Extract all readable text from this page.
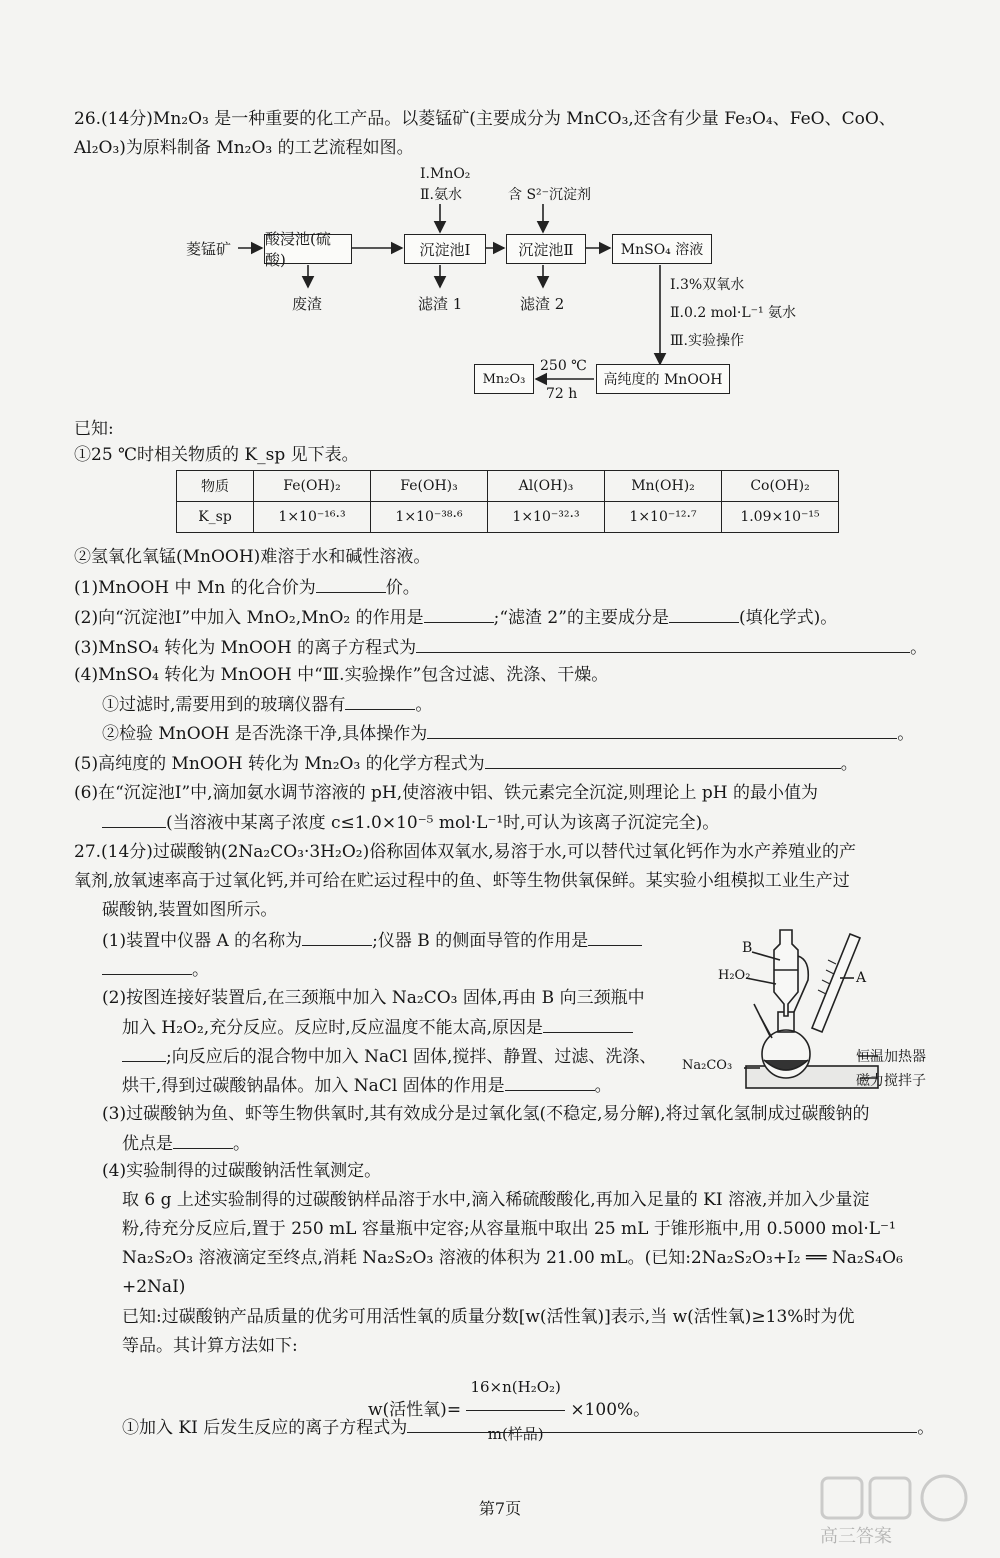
26.(14分)Mn₂O₃ 是一种重要的化工产品。以菱锰矿(主要成分为 MnCO₃,还含有少量 Fe₃O₄、FeO、CoO、
Al₂O₃)为原料制备 Mn₂O₃ 的工艺流程如图。
菱锰矿
酸浸池(硫酸)
沉淀池Ⅰ	沉淀池Ⅱ	MnSO₄ 溶液
Ⅰ.MnO₂
Ⅱ.氨水	含 S²⁻沉淀剂
废渣	滤渣 1	滤渣 2
Ⅰ.3%双氧水
Ⅱ.0.2 mol·L⁻¹ 氨水
Ⅲ.实验操作
高纯度的 MnOOH
Mn₂O₃
250 ℃
72 h
已知:
①25 ℃时相关物质的 K_sp 见下表。
物质	Fe(OH)₂	Fe(OH)₃	Al(OH)₃	Mn(OH)₂	Co(OH)₂
K_sp	1×10⁻¹⁶·³	1×10⁻³⁸·⁶	1×10⁻³²·³	1×10⁻¹²·⁷	1.09×10⁻¹⁵
②氢氧化氧锰(MnOOH)难溶于水和碱性溶液。
(1)MnOOH 中 Mn 的化合价为	价。
(2)向“沉淀池Ⅰ”中加入 MnO₂,MnO₂ 的作用是	;“滤渣 2”的主要成分是	(填化学式)。
(3)MnSO₄ 转化为 MnOOH 的离子方程式为	。
(4)MnSO₄ 转化为 MnOOH 中“Ⅲ.实验操作”包含过滤、洗涤、干燥。
①过滤时,需要用到的玻璃仪器有	。
②检验 MnOOH 是否洗涤干净,具体操作为	。
(5)高纯度的 MnOOH 转化为 Mn₂O₃ 的化学方程式为	。
(6)在“沉淀池Ⅰ”中,滴加氨水调节溶液的 pH,使溶液中铝、铁元素完全沉淀,则理论上 pH 的最小值为
(当溶液中某离子浓度 c≤1.0×10⁻⁵ mol·L⁻¹时,可认为该离子沉淀完全)。
27.(14分)过碳酸钠(2Na₂CO₃·3H₂O₂)俗称固体双氧水,易溶于水,可以替代过氧化钙作为水产养殖业的产
氧剂,放氧速率高于过氧化钙,并可给在贮运过程中的鱼、虾等生物供氧保鲜。某实验小组模拟工业生产过
碳酸钠,装置如图所示。
(1)装置中仪器 A 的名称为	;仪器 B 的侧面导管的作用是
。
(2)按图连接好装置后,在三颈瓶中加入 Na₂CO₃ 固体,再由 B 向三颈瓶中
加入 H₂O₂,充分反应。反应时,反应温度不能太高,原因是
;向反应后的混合物中加入 NaCl 固体,搅拌、静置、过滤、洗涤、
烘干,得到过碳酸钠晶体。加入 NaCl 固体的作用是	。
B
A
H₂O₂
Na₂CO₃
恒温加热器
磁力搅拌子
(3)过碳酸钠为鱼、虾等生物供氧时,其有效成分是过氧化氢(不稳定,易分解),将过氧化氢制成过碳酸钠的
优点是	。
(4)实验制得的过碳酸钠活性氧测定。
取 6 g 上述实验制得的过碳酸钠样品溶于水中,滴入稀硫酸酸化,再加入足量的 KI 溶液,并加入少量淀
粉,待充分反应后,置于 250 mL 容量瓶中定容;从容量瓶中取出 25 mL 于锥形瓶中,用 0.5000 mol·L⁻¹
Na₂S₂O₃ 溶液滴定至终点,消耗 Na₂S₂O₃ 溶液的体积为 21.00 mL。(已知:2Na₂S₂O₃+I₂ ══ Na₂S₄O₆
+2NaI)
已知:过碳酸钠产品质量的优劣可用活性氧的质量分数[w(活性氧)]表示,当 w(活性氧)≥13%时为优
等品。其计算方法如下:
w(活性氧)= $\frac{\text{16×n(H₂O₂)}}{\text{m(样品)}} \times 100\%$。
①加入 KI 后发生反应的离子方程式为	。
第7页
高三答案
